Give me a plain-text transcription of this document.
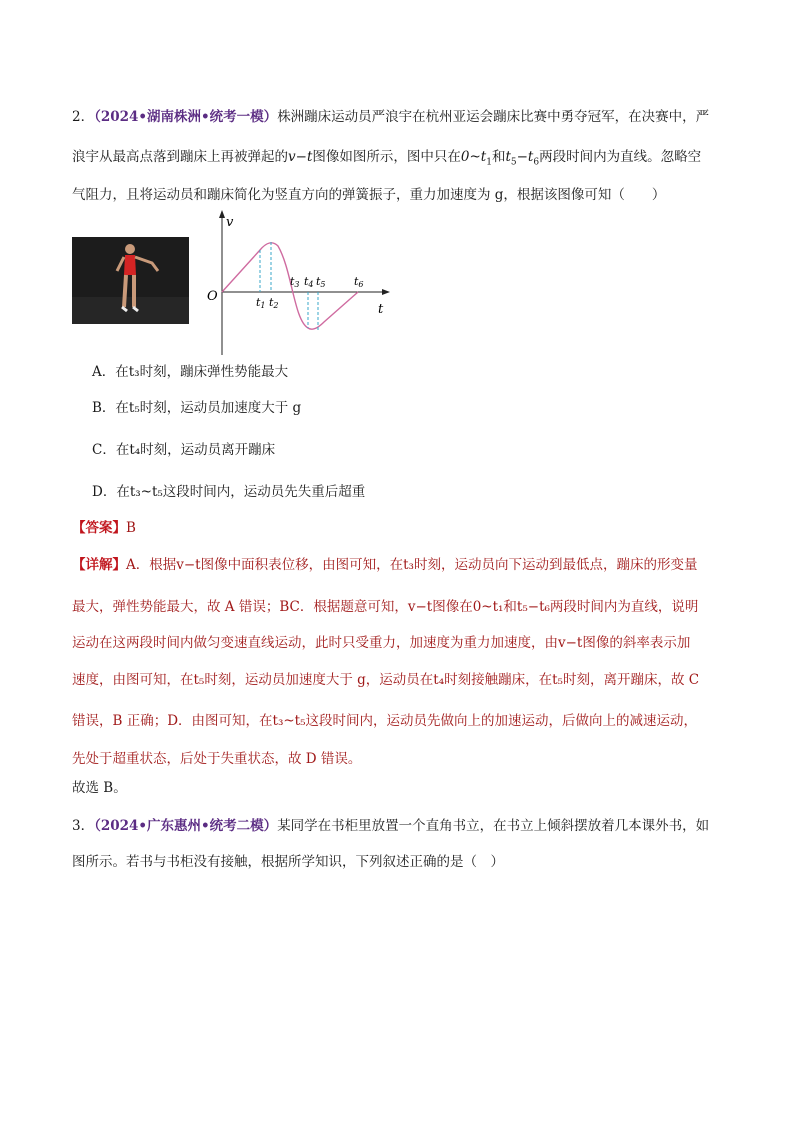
2．（2024•湖南株洲•统考一模）株洲蹦床运动员严浪宇在杭州亚运会蹦床比赛中勇夺冠军，在决赛中，严
浪宇从最高点落到蹦床上再被弹起的v−t图像如图所示，图中只在$0\sim t_1$和$t_5-t_6$两段时间内为直线。忽略空
气阻力，且将运动员和蹦床简化为竖直方向的弹簧振子，重力加速度为 g，根据该图像可知（　　）
v
t
O	t1 t2
t3 t4 t5	t6
A．在t₃时刻，蹦床弹性势能最大
B．在t₅时刻，运动员加速度大于 g
C．在t₄时刻，运动员离开蹦床
D．在t₃~t₅这段时间内，运动员先失重后超重
【答案】B
【详解】A．根据v−t图像中面积表位移，由图可知，在t₃时刻，运动员向下运动到最低点，蹦床的形变量
最大，弹性势能最大，故 A 错误；BC．根据题意可知，v−t图像在0~t₁和t₅−t₆两段时间内为直线，说明
运动在这两段时间内做匀变速直线运动，此时只受重力，加速度为重力加速度，由v−t图像的斜率表示加
速度，由图可知，在t₅时刻，运动员加速度大于 g，运动员在t₄时刻接触蹦床，在t₅时刻，离开蹦床，故 C
错误，B 正确；D．由图可知，在t₃~t₅这段时间内，运动员先做向上的加速运动，后做向上的减速运动，
先处于超重状态，后处于失重状态，故 D 错误。
故选 B。
3．（2024•广东惠州•统考二模）某同学在书柜里放置一个直角书立，在书立上倾斜摆放着几本课外书，如
图所示。若书与书柜没有接触，根据所学知识，下列叙述正确的是（　）
